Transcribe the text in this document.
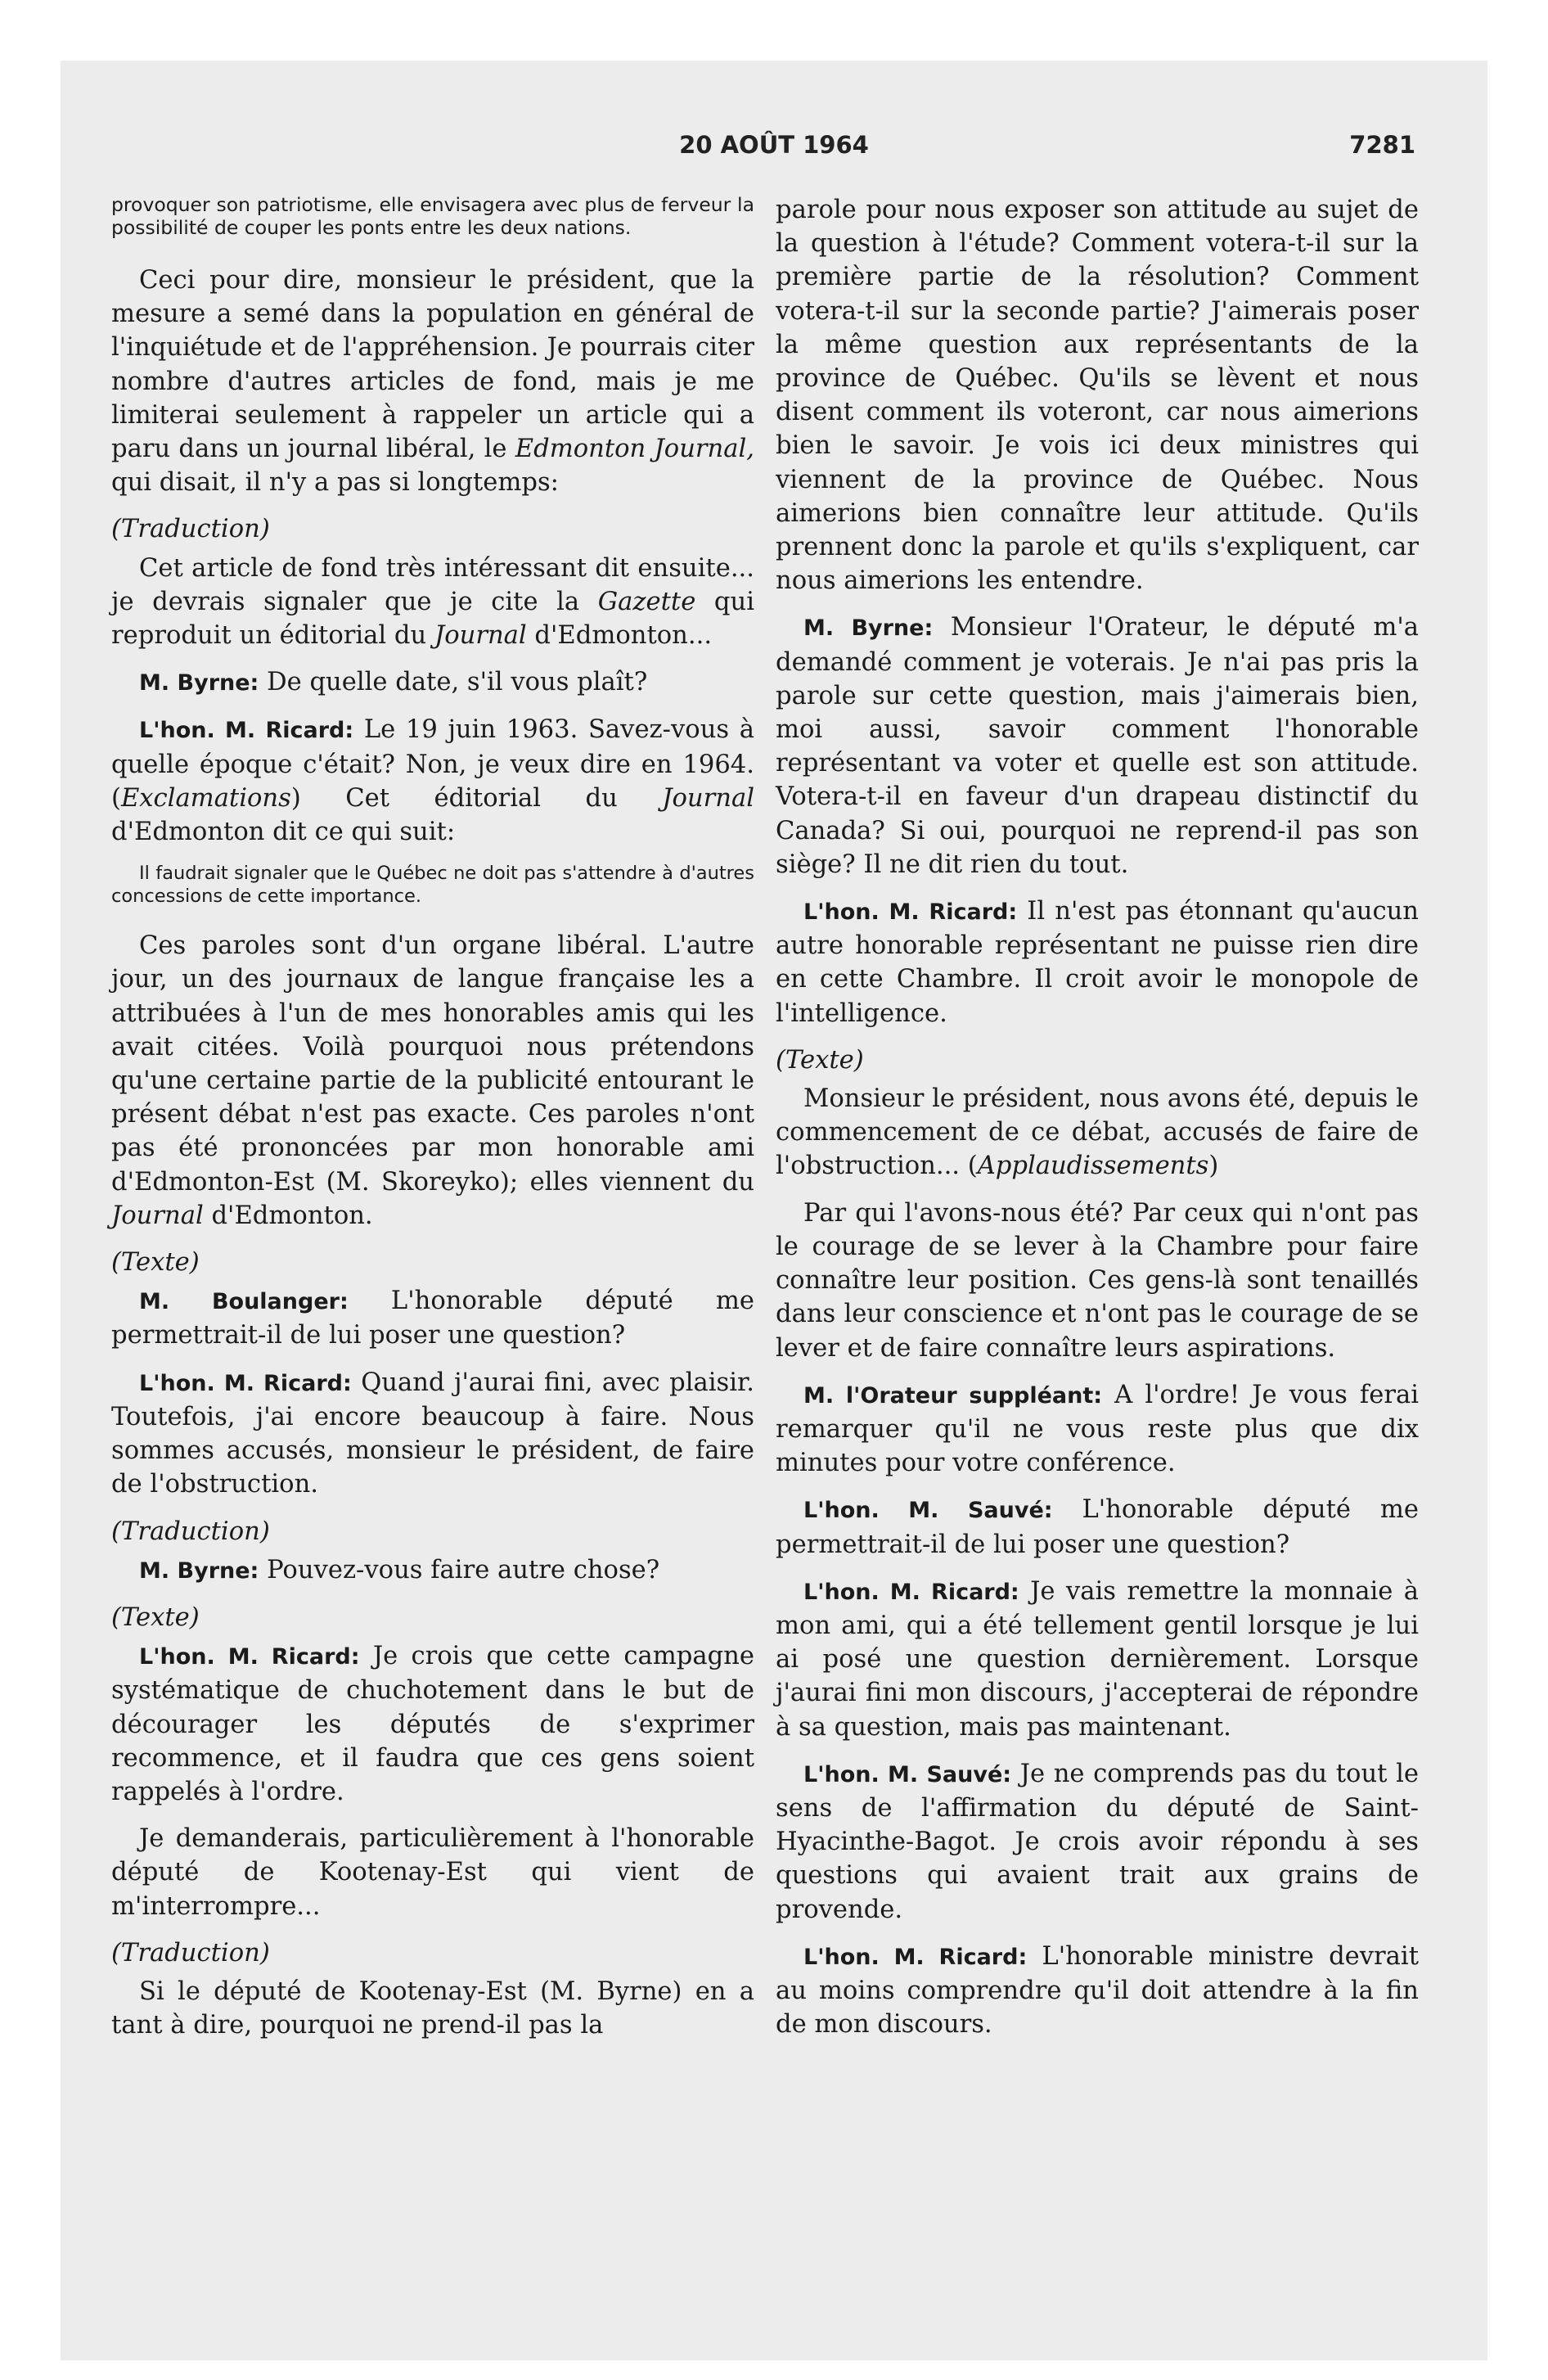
20 AOÛT 1964	7281

provoquer son patriotisme, elle envisagera avec plus de ferveur la possibilité de couper les ponts entre les deux nations.

Ceci pour dire, monsieur le président, que la mesure a semé dans la population en général de l'inquiétude et de l'appréhension. Je pourrais citer nombre d'autres articles de fond, mais je me limiterai seulement à rappeler un article qui a paru dans un journal libéral, le Edmonton Journal, qui disait, il n'y a pas si longtemps:

(Traduction)

Cet article de fond très intéressant dit ensuite... je devrais signaler que je cite la Gazette qui reproduit un éditorial du Journal d'Edmonton...

M. Byrne: De quelle date, s'il vous plaît?

L'hon. M. Ricard: Le 19 juin 1963. Savez-vous à quelle époque c'était? Non, je veux dire en 1964. (Exclamations) Cet éditorial du Journal d'Edmonton dit ce qui suit:

Il faudrait signaler que le Québec ne doit pas s'attendre à d'autres concessions de cette importance.

Ces paroles sont d'un organe libéral. L'autre jour, un des journaux de langue française les a attribuées à l'un de mes honorables amis qui les avait citées. Voilà pourquoi nous prétendons qu'une certaine partie de la publicité entourant le présent débat n'est pas exacte. Ces paroles n'ont pas été prononcées par mon honorable ami d'Edmonton-Est (M. Skoreyko); elles viennent du Journal d'Edmonton.

(Texte)

M. Boulanger: L'honorable député me permettrait-il de lui poser une question?

L'hon. M. Ricard: Quand j'aurai fini, avec plaisir. Toutefois, j'ai encore beaucoup à faire. Nous sommes accusés, monsieur le président, de faire de l'obstruction.

(Traduction)

M. Byrne: Pouvez-vous faire autre chose?

(Texte)

L'hon. M. Ricard: Je crois que cette campagne systématique de chuchotement dans le but de décourager les députés de s'exprimer recommence, et il faudra que ces gens soient rappelés à l'ordre.

Je demanderais, particulièrement à l'honorable député de Kootenay-Est qui vient de m'interrompre...

(Traduction)

Si le député de Kootenay-Est (M. Byrne) en a tant à dire, pourquoi ne prend-il pas la

parole pour nous exposer son attitude au sujet de la question à l'étude? Comment votera-t-il sur la première partie de la résolution? Comment votera-t-il sur la seconde partie? J'aimerais poser la même question aux représentants de la province de Québec. Qu'ils se lèvent et nous disent comment ils voteront, car nous aimerions bien le savoir. Je vois ici deux ministres qui viennent de la province de Québec. Nous aimerions bien connaître leur attitude. Qu'ils prennent donc la parole et qu'ils s'expliquent, car nous aimerions les entendre.

M. Byrne: Monsieur l'Orateur, le député m'a demandé comment je voterais. Je n'ai pas pris la parole sur cette question, mais j'aimerais bien, moi aussi, savoir comment l'honorable représentant va voter et quelle est son attitude. Votera-t-il en faveur d'un drapeau distinctif du Canada? Si oui, pourquoi ne reprend-il pas son siège? Il ne dit rien du tout.

L'hon. M. Ricard: Il n'est pas étonnant qu'aucun autre honorable représentant ne puisse rien dire en cette Chambre. Il croit avoir le monopole de l'intelligence.

(Texte)

Monsieur le président, nous avons été, depuis le commencement de ce débat, accusés de faire de l'obstruction... (Applaudissements)

Par qui l'avons-nous été? Par ceux qui n'ont pas le courage de se lever à la Chambre pour faire connaître leur position. Ces gens-là sont tenaillés dans leur conscience et n'ont pas le courage de se lever et de faire connaître leurs aspirations.

M. l'Orateur suppléant: A l'ordre! Je vous ferai remarquer qu'il ne vous reste plus que dix minutes pour votre conférence.

L'hon. M. Sauvé: L'honorable député me permettrait-il de lui poser une question?

L'hon. M. Ricard: Je vais remettre la monnaie à mon ami, qui a été tellement gentil lorsque je lui ai posé une question dernièrement. Lorsque j'aurai fini mon discours, j'accepterai de répondre à sa question, mais pas maintenant.

L'hon. M. Sauvé: Je ne comprends pas du tout le sens de l'affirmation du député de Saint-Hyacinthe-Bagot. Je crois avoir répondu à ses questions qui avaient trait aux grains de provende.

L'hon. M. Ricard: L'honorable ministre devrait au moins comprendre qu'il doit attendre à la fin de mon discours.
